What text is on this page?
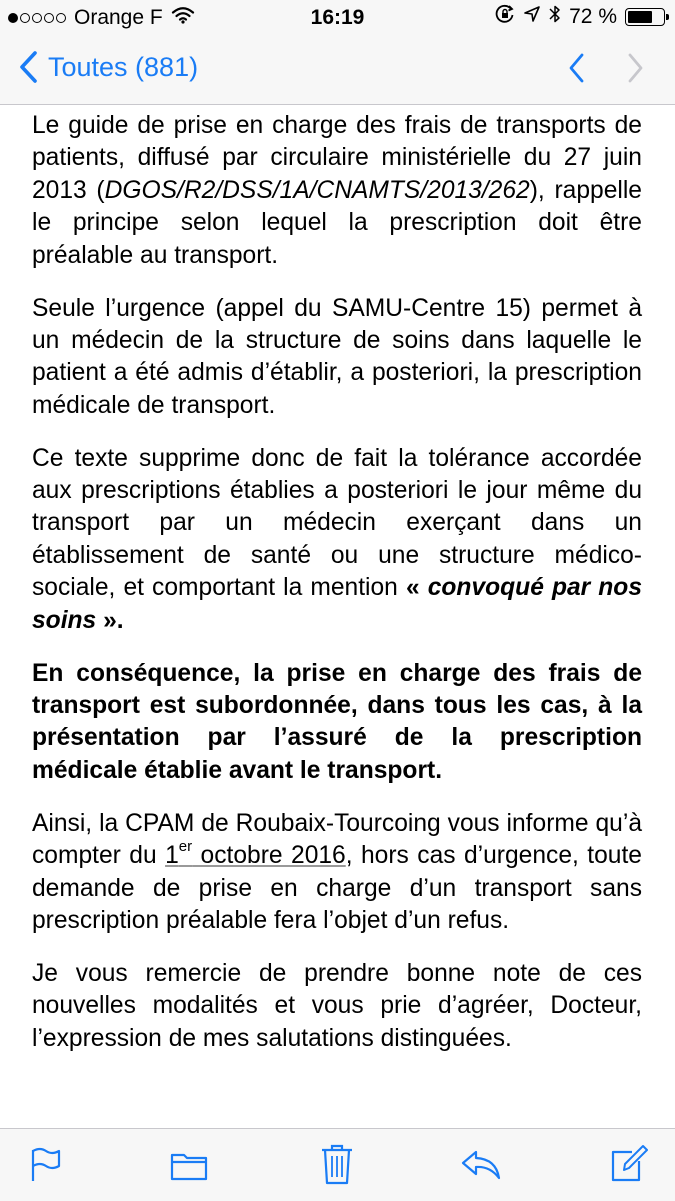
Orange F	16:19	72 %
Toutes (881)

Le guide de prise en charge des frais de transports de patients, diffusé par circulaire ministérielle du 27 juin 2013 (DGOS/R2/DSS/1A/CNAMTS/2013/262), rappelle le principe selon lequel la prescription doit être préalable au transport.

Seule l’urgence (appel du SAMU-Centre 15) permet à un médecin de la structure de soins dans laquelle le patient a été admis d’établir, a posteriori, la prescription médicale de transport.

Ce texte supprime donc de fait la tolérance accordée aux prescriptions établies a posteriori le jour même du transport par un médecin exerçant dans un établissement de santé ou une structure médico-sociale, et comportant la mention « convoqué par nos soins ».

En conséquence, la prise en charge des frais de transport est subordonnée, dans tous les cas, à la présentation par l’assuré de la prescription médicale établie avant le transport.

Ainsi, la CPAM de Roubaix-Tourcoing vous informe qu’à compter du 1er octobre 2016, hors cas d’urgence, toute demande de prise en charge d’un transport sans prescription préalable fera l’objet d’un refus.

Je vous remercie de prendre bonne note de ces nouvelles modalités et vous prie d’agréer, Docteur, l’expression de mes salutations distinguées.
